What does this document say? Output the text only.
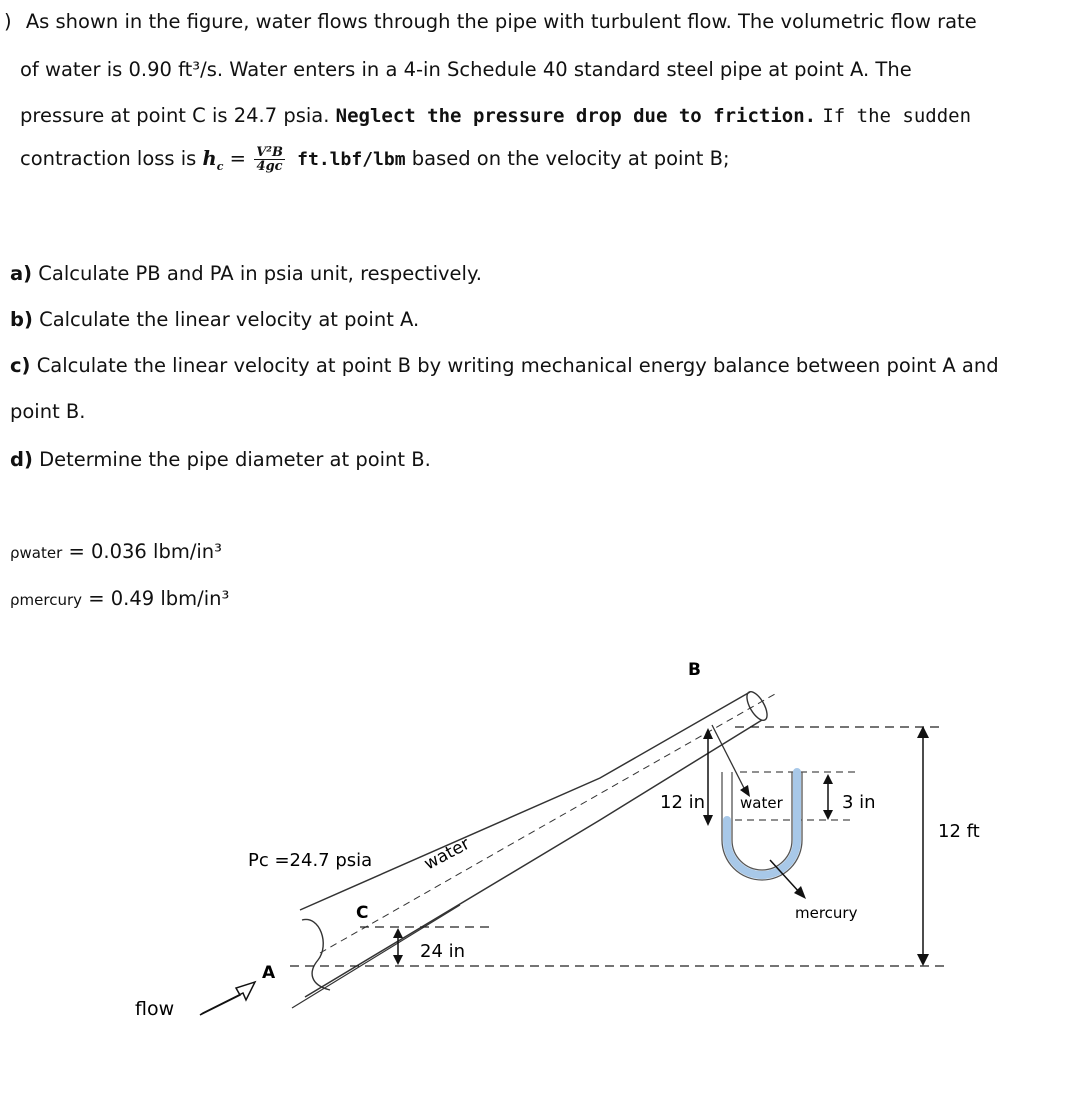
) As shown in the figure, water flows through the pipe with turbulent flow. The volumetric flow rate
of water is 0.90 ft³/s. Water enters in a 4-in Schedule 40 standard steel pipe at point A. The
pressure at point C is 24.7 psia. Neglect the pressure drop due to friction. If the sudden
contraction loss is $h_c = \frac{\text{V²B}}{4gc} ft.lbf/lbm$ based on the velocity at point B;
a) Calculate PB and PA in psia unit, respectively.
b) Calculate the linear velocity at point A.
c) Calculate the linear velocity at point B by writing mechanical energy balance between point A and
point B.
d) Determine the pipe diameter at point B.
ρwater = 0.036 lbm/in³
ρmercury = 0.49 lbm/in³
B
A
C
Pc =24.7 psia	water
24 in
12 in water	3 in
12 ft
mercury
flow
